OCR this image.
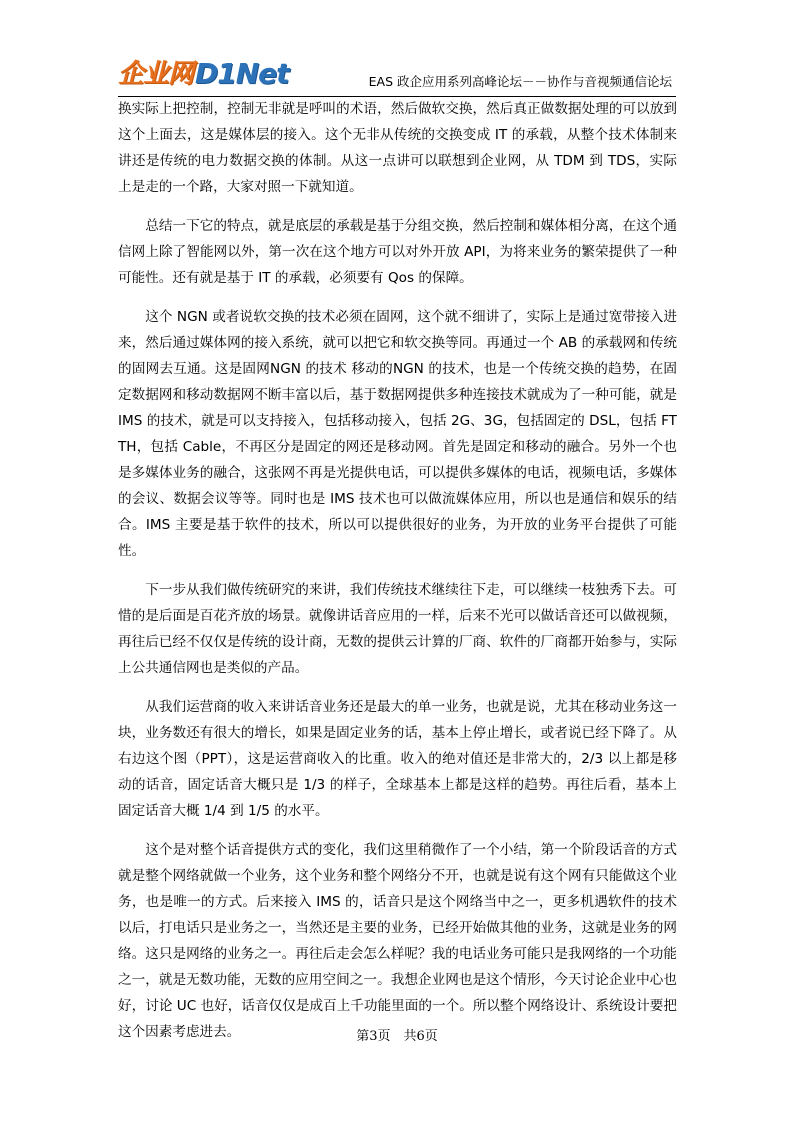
企业网 D1Net	EAS 政企应用系列高峰论坛－－协作与音视频通信论坛

换实际上把控制，控制无非就是呼叫的术语，然后做软交换，然后真正做数据处理的可以放到这个上面去，这是媒体层的接入。这个无非从传统的交换变成 IT 的承载，从整个技术体制来讲还是传统的电力数据交换的体制。从这一点讲可以联想到企业网，从 TDM 到 TDS，实际上是走的一个路，大家对照一下就知道。

总结一下它的特点，就是底层的承载是基于分组交换，然后控制和媒体相分离，在这个通信网上除了智能网以外，第一次在这个地方可以对外开放 API，为将来业务的繁荣提供了一种可能性。还有就是基于 IT 的承载，必须要有 Qos 的保障。

这个 NGN 或者说软交换的技术必须在固网，这个就不细讲了，实际上是通过宽带接入进来，然后通过媒体网的接入系统，就可以把它和软交换等同。再通过一个 AB 的承载网和传统的固网去互通。这是固网NGN 的技术 移动的NGN 的技术，也是一个传统交换的趋势，在固定数据网和移动数据网不断丰富以后，基于数据网提供多种连接技术就成为了一种可能，就是 IMS 的技术，就是可以支持接入，包括移动接入，包括 2G、3G，包括固定的 DSL，包括 FTTH，包括 Cable，不再区分是固定的网还是移动网。首先是固定和移动的融合。另外一个也是多媒体业务的融合，这张网不再是光提供电话，可以提供多媒体的电话，视频电话，多媒体的会议、数据会议等等。同时也是 IMS 技术也可以做流媒体应用，所以也是通信和娱乐的结合。IMS 主要是基于软件的技术，所以可以提供很好的业务，为开放的业务平台提供了可能性。

下一步从我们做传统研究的来讲，我们传统技术继续往下走，可以继续一枝独秀下去。可惜的是后面是百花齐放的场景。就像讲话音应用的一样，后来不光可以做话音还可以做视频，再往后已经不仅仅是传统的设计商，无数的提供云计算的厂商、软件的厂商都开始参与，实际上公共通信网也是类似的产品。

从我们运营商的收入来讲话音业务还是最大的单一业务，也就是说，尤其在移动业务这一块，业务数还有很大的增长，如果是固定业务的话，基本上停止增长，或者说已经下降了。从右边这个图（PPT），这是运营商收入的比重。收入的绝对值还是非常大的，2/3 以上都是移动的话音，固定话音大概只是 1/3 的样子，全球基本上都是这样的趋势。再往后看，基本上固定话音大概 1/4 到 1/5 的水平。

这个是对整个话音提供方式的变化，我们这里稍微作了一个小结，第一个阶段话音的方式就是整个网络就做一个业务，这个业务和整个网络分不开，也就是说有这个网有只能做这个业务，也是唯一的方式。后来接入 IMS 的，话音只是这个网络当中之一，更多机遇软件的技术以后，打电话只是业务之一，当然还是主要的业务，已经开始做其他的业务，这就是业务的网络。这只是网络的业务之一。再往后走会怎么样呢？我的电话业务可能只是我网络的一个功能之一，就是无数功能，无数的应用空间之一。我想企业网也是这个情形，今天讨论企业中心也好，讨论 UC 也好，话音仅仅是成百上千功能里面的一个。所以整个网络设计、系统设计要把这个因素考虑进去。	第3页　共6页
